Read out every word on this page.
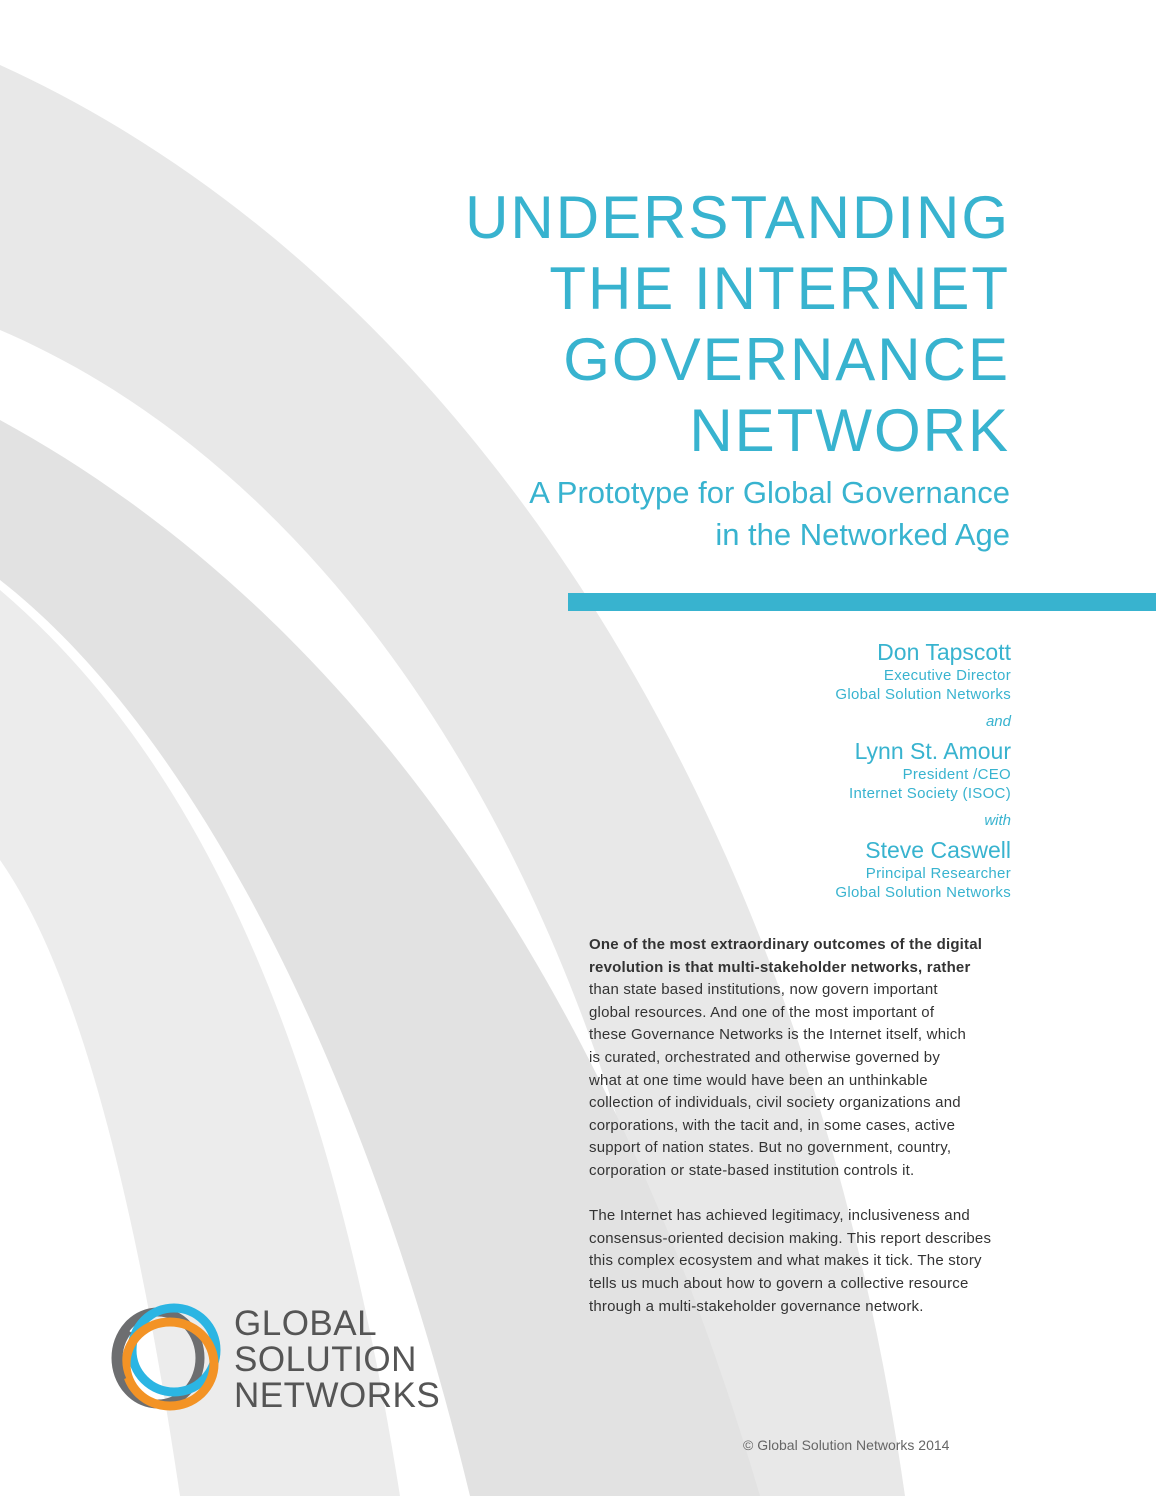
UNDERSTANDING
THE INTERNET
GOVERNANCE
NETWORK
A Prototype for Global Governance
in the Networked Age
Don Tapscott
Executive Director
Global Solution Networks
and
Lynn St. Amour
President /CEO
Internet Society (ISOC)
with
Steve Caswell
Principal Researcher
Global Solution Networks
One of the most extraordinary outcomes of the digital
revolution is that multi-stakeholder networks, rather
than state based institutions, now govern important
global resources. And one of the most important of
these Governance Networks is the Internet itself, which
is curated, orchestrated and otherwise governed by
what at one time would have been an unthinkable
collection of individuals, civil society organizations and
corporations, with the tacit and, in some cases, active
support of nation states. But no government, country,
corporation or state-based institution controls it.
The Internet has achieved legitimacy, inclusiveness and
consensus-oriented decision making. This report describes
this complex ecosystem and what makes it tick. The story
tells us much about how to govern a collective resource
through a multi-stakeholder governance network.
GLOBAL
SOLUTION
NETWORKS
© Global Solution Networks 2014
